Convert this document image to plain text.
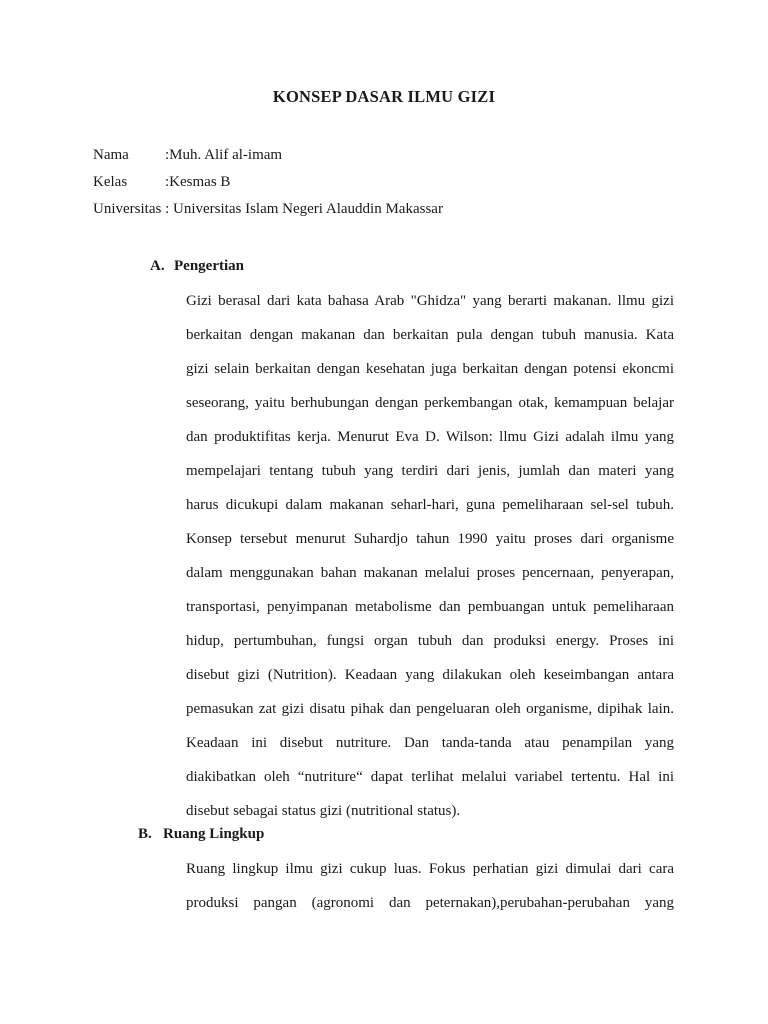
KONSEP DASAR ILMU GIZI
Nama	: Muh. Alif al-imam
Kelas	: Kesmas B
Universitas : Universitas Islam Negeri Alauddin Makassar
A. Pengertian
Gizi berasal dari kata bahasa Arab "Ghidza" yang berarti makanan. llmu gizi
berkaitan dengan makanan dan berkaitan pula dengan tubuh manusia. Kata
gizi selain berkaitan dengan kesehatan juga berkaitan dengan potensi ekoncmi
seseorang, yaitu berhubungan dengan perkembangan otak, kemampuan belajar
dan produktifitas kerja. Menurut Eva D. Wilson: llmu Gizi adalah ilmu yang
mempelajari tentang tubuh yang terdiri dari jenis, jumlah dan materi yang
harus dicukupi dalam makanan seharl-hari, guna pemeliharaan sel-sel tubuh.
Konsep tersebut menurut Suhardjo tahun 1990 yaitu proses dari organisme
dalam menggunakan bahan makanan melalui proses pencernaan, penyerapan,
transportasi, penyimpanan metabolisme dan pembuangan untuk pemeliharaan
hidup, pertumbuhan, fungsi organ tubuh dan produksi energy. Proses ini
disebut gizi (Nutrition). Keadaan yang dilakukan oleh keseimbangan antara
pemasukan zat gizi disatu pihak dan pengeluaran oleh organisme, dipihak lain.
Keadaan ini disebut nutriture. Dan tanda-tanda atau penampilan yang
diakibatkan oleh “nutriture“ dapat terlihat melalui variabel tertentu. Hal ini
disebut sebagai status gizi (nutritional status).
B. Ruang Lingkup
Ruang lingkup ilmu gizi cukup luas. Fokus perhatian gizi dimulai dari cara
produksi pangan (agronomi dan peternakan),perubahan-perubahan yang
